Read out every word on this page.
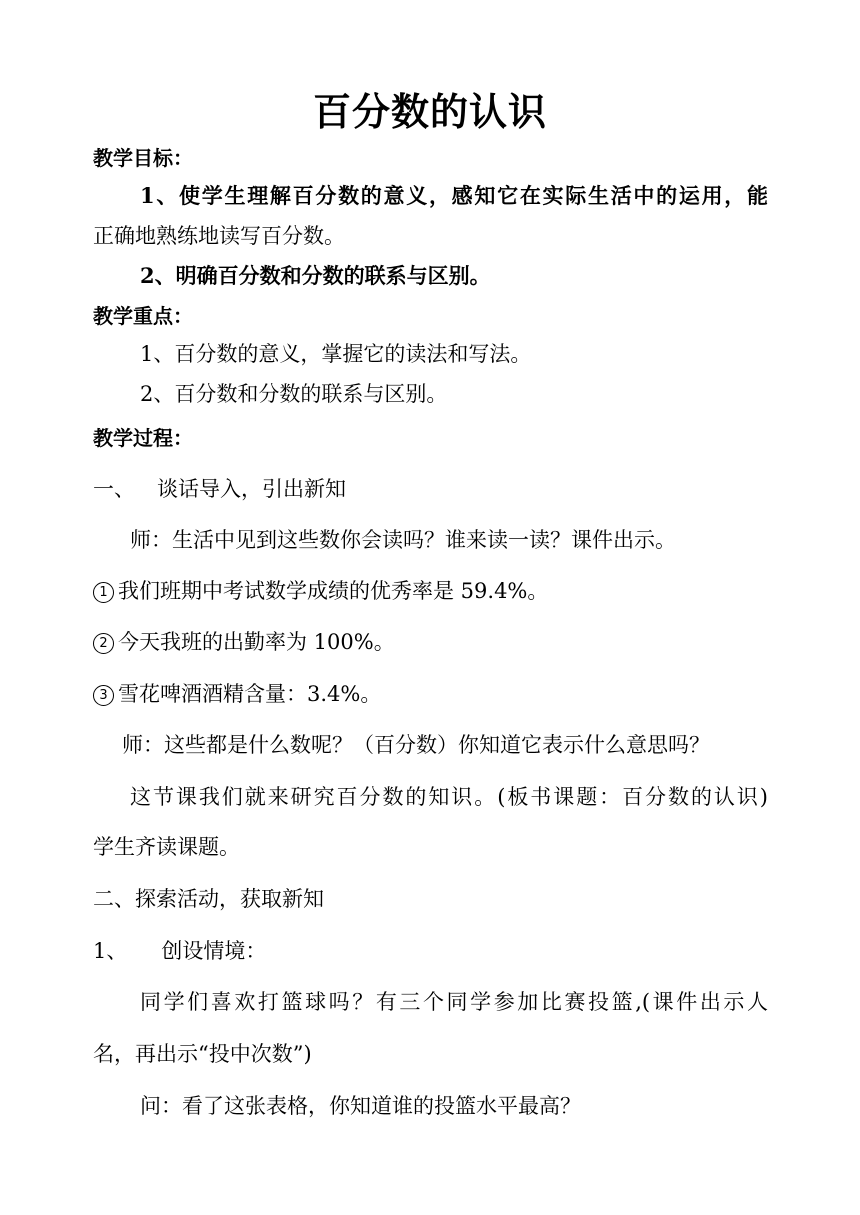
百分数的认识
教学目标：
1、使学生理解百分数的意义，感知它在实际生活中的运用，能
正确地熟练地读写百分数。
2、明确百分数和分数的联系与区别。
教学重点：
1、百分数的意义，掌握它的读法和写法。
2、百分数和分数的联系与区别。
教学过程：
一、 谈话导入，引出新知
师：生活中见到这些数你会读吗？谁来读一读？课件出示。
1 我们班期中考试数学成绩的优秀率是 59.4%。
2 今天我班的出勤率为 100%。
3 雪花啤酒酒精含量：3.4%。
师：这些都是什么数呢？（百分数）你知道它表示什么意思吗？
这节课我们就来研究百分数的知识。(板书课题：百分数的认识)
学生齐读课题。
二、探索活动，获取新知
1、 创设情境：
同学们喜欢打篮球吗？有三个同学参加比赛投篮,(课件出示人
名，再出示“投中次数”)
问：看了这张表格，你知道谁的投篮水平最高？
